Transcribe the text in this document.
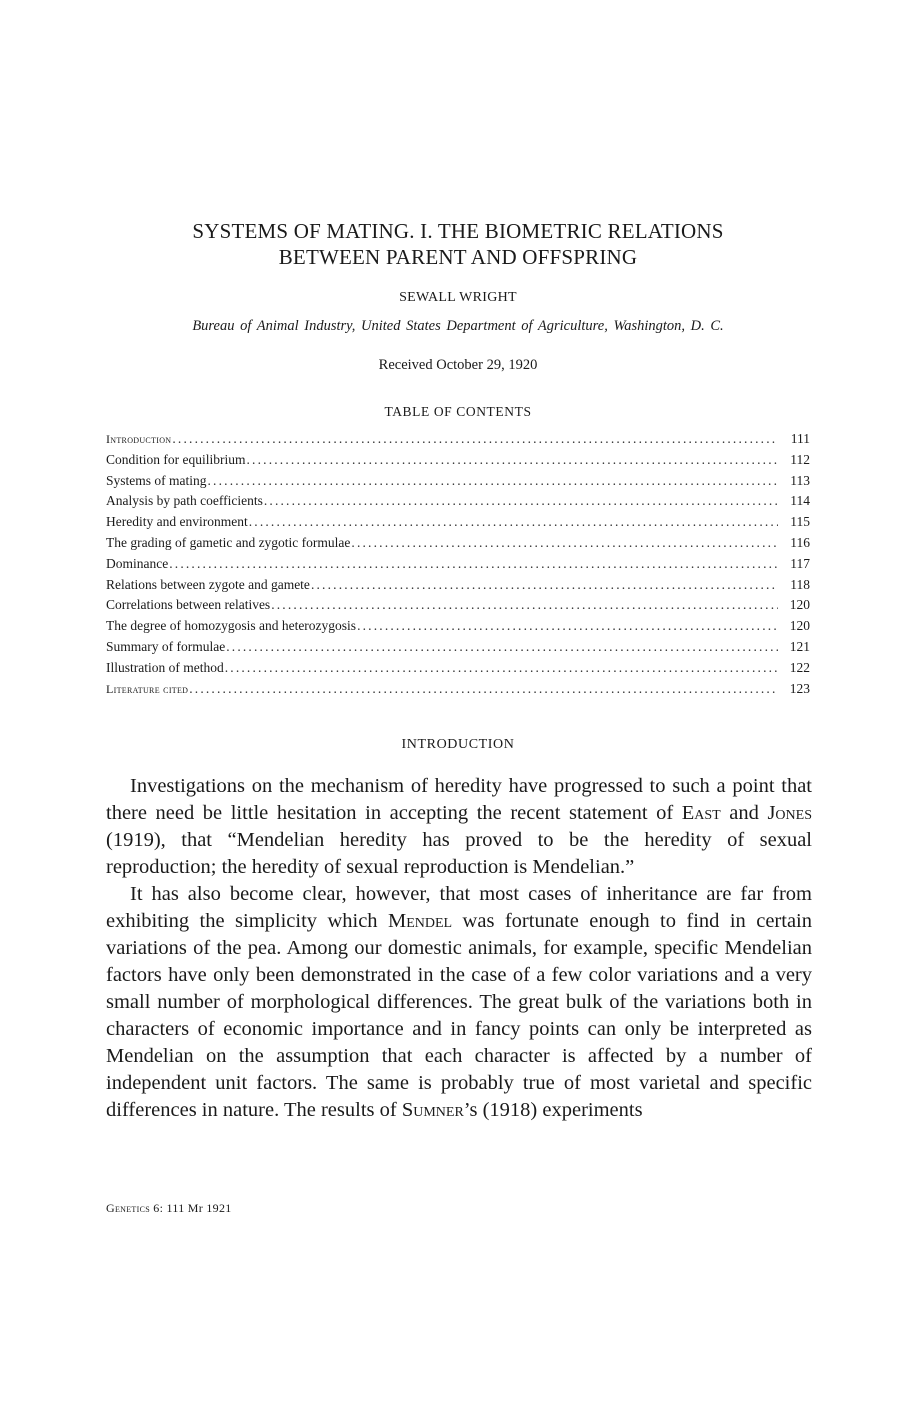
SYSTEMS OF MATING. I. THE BIOMETRIC RELATIONS
BETWEEN PARENT AND OFFSPRING
SEWALL WRIGHT
Bureau of Animal Industry, United States Department of Agriculture, Washington, D. C.
Received October 29, 1920
TABLE OF CONTENTS
Introduction . . .	111
Condition for equilibrium . . .	112
Systems of mating . . .	113
Analysis by path coefficients . . .	114
Heredity and environment . . .	115
The grading of gametic and zygotic formulae . . .	116
Dominance . . .	117
Relations between zygote and gamete . . .	118
Correlations between relatives . . .	120
The degree of homozygosis and heterozygosis . . .	120
Summary of formulae . . .	121
Illustration of method . . .	122
Literature cited . . .	123
INTRODUCTION

Investigations on the mechanism of heredity have progressed to such a point that there need be little hesitation in accepting the recent statement of East and Jones (1919), that “Mendelian heredity has proved to be the heredity of sexual reproduction; the heredity of sexual reproduction is Mendelian.”

It has also become clear, however, that most cases of inheritance are far from exhibiting the simplicity which Mendel was fortunate enough to find in certain variations of the pea. Among our domestic animals, for example, specific Mendelian factors have only been demonstrated in the case of a few color variations and a very small number of morphological differences. The great bulk of the variations both in characters of economic importance and in fancy points can only be interpreted as Mendelian on the assumption that each character is affected by a number of independent unit factors. The same is probably true of most varietal and specific differences in nature. The results of Sumner’s (1918) experiments

Genetics 6: 111 Mr 1921
